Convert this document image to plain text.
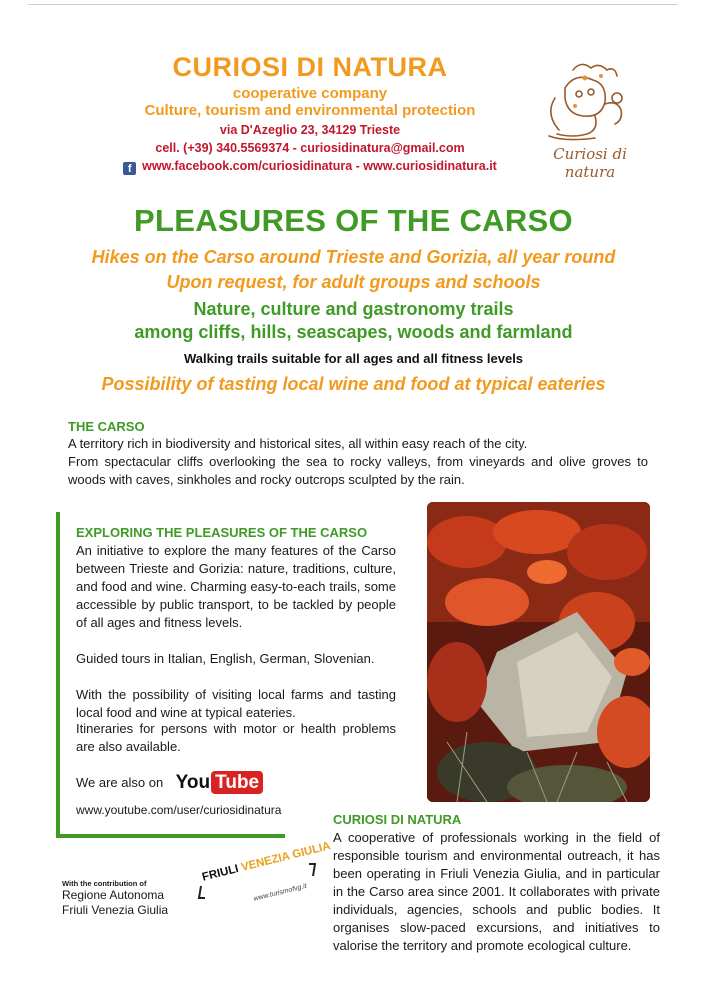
CURIOSI DI NATURA
cooperative company
Culture, tourism and environmental protection
via D'Azeglio 23, 34129 Trieste
cell. (+39) 340.5569374 - curiosidinatura@gmail.com
f www.facebook.com/curiosidinatura - www.curiosidinatura.it
Curiosi di natura
PLEASURES OF THE CARSO
Hikes on the Carso around Trieste and Gorizia, all year round
Upon request, for adult groups and schools
Nature, culture and gastronomy trails
among cliffs, hills, seascapes, woods and farmland
Walking trails suitable for all ages and all fitness levels
Possibility of tasting local wine and food at typical eateries
THE CARSO
A territory rich in biodiversity and historical sites, all within easy reach of the city.
From spectacular cliffs overlooking the sea to rocky valleys, from vineyards and olive groves to woods with caves, sinkholes and rocky outcrops sculpted by the rain.
EXPLORING THE PLEASURES OF THE CARSO
An initiative to explore the many features of the Carso between Trieste and Gorizia: nature, traditions, culture, and food and wine. Charming easy-to-each trails, some accessible by public transport, to be tackled by people of all ages and fitness levels.
Guided tours in Italian, English, German, Slovenian.
With the possibility of visiting local farms and tasting local food and wine at typical eateries.
Itineraries for persons with motor or health problems are also available.
We are also on You Tube
www.youtube.com/user/curiosidinatura
CURIOSI DI NATURA
A cooperative of professionals working in the field of responsible tourism and environmental outreach, it has been operating in Friuli Venezia Giulia, and in particular in the Carso area since 2001. It collaborates with private individuals, agencies, schools and public bodies. It organises slow-paced excursions, and initiatives to valorise the territory and promote ecological culture.
With the contribution of
Regione Autonoma
Friuli Venezia Giulia
FRIULI VENEZIA GIULIA
www.turismofvg.it
